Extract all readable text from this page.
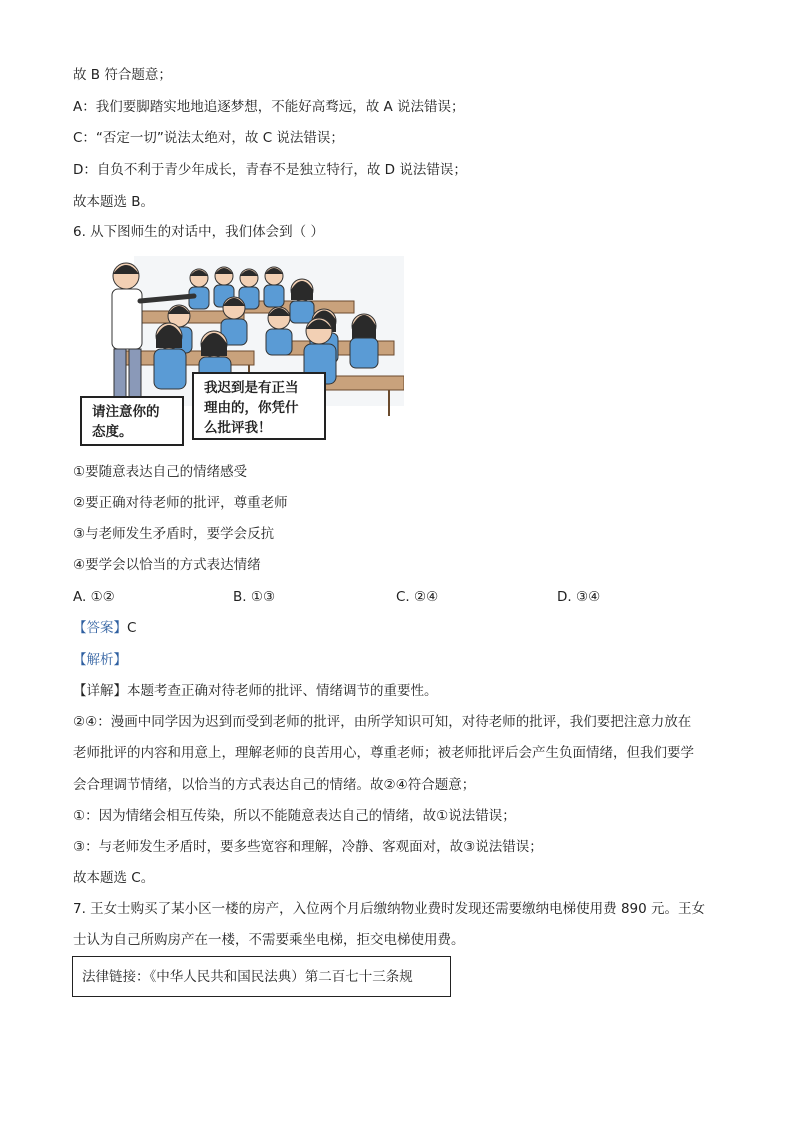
故 B 符合题意；
A：我们要脚踏实地地追逐梦想，不能好高骛远，故 A 说法错误；
C：“否定一切”说法太绝对，故 C 说法错误；
D：自负不利于青少年成长，青春不是独立特行，故 D 说法错误；
故本题选 B。
6. 从下图师生的对话中，我们体会到（ ）
请注意你的
态度。
我迟到是有正当
理由的，你凭什
么批评我！
①要随意表达自己的情绪感受
②要正确对待老师的批评，尊重老师
③与老师发生矛盾时，要学会反抗
④要学会以恰当的方式表达情绪
A. ①②	B. ①③	C. ②④	D. ③④
【答案】C
【解析】
【详解】本题考查正确对待老师的批评、情绪调节的重要性。
②④：漫画中同学因为迟到而受到老师的批评，由所学知识可知，对待老师的批评，我们要把注意力放在
老师批评的内容和用意上，理解老师的良苦用心，尊重老师；被老师批评后会产生负面情绪，但我们要学
会合理调节情绪，以恰当的方式表达自己的情绪。故②④符合题意；
①：因为情绪会相互传染，所以不能随意表达自己的情绪，故①说法错误；
③：与老师发生矛盾时，要多些宽容和理解，冷静、客观面对，故③说法错误；
故本题选 C。
7. 王女士购买了某小区一楼的房产，入位两个月后缴纳物业费时发现还需要缴纳电梯使用费 890 元。王女
士认为自己所购房产在一楼，不需要乘坐电梯，拒交电梯使用费。
法律链接：《中华人民共和国民法典）第二百七十三条规
